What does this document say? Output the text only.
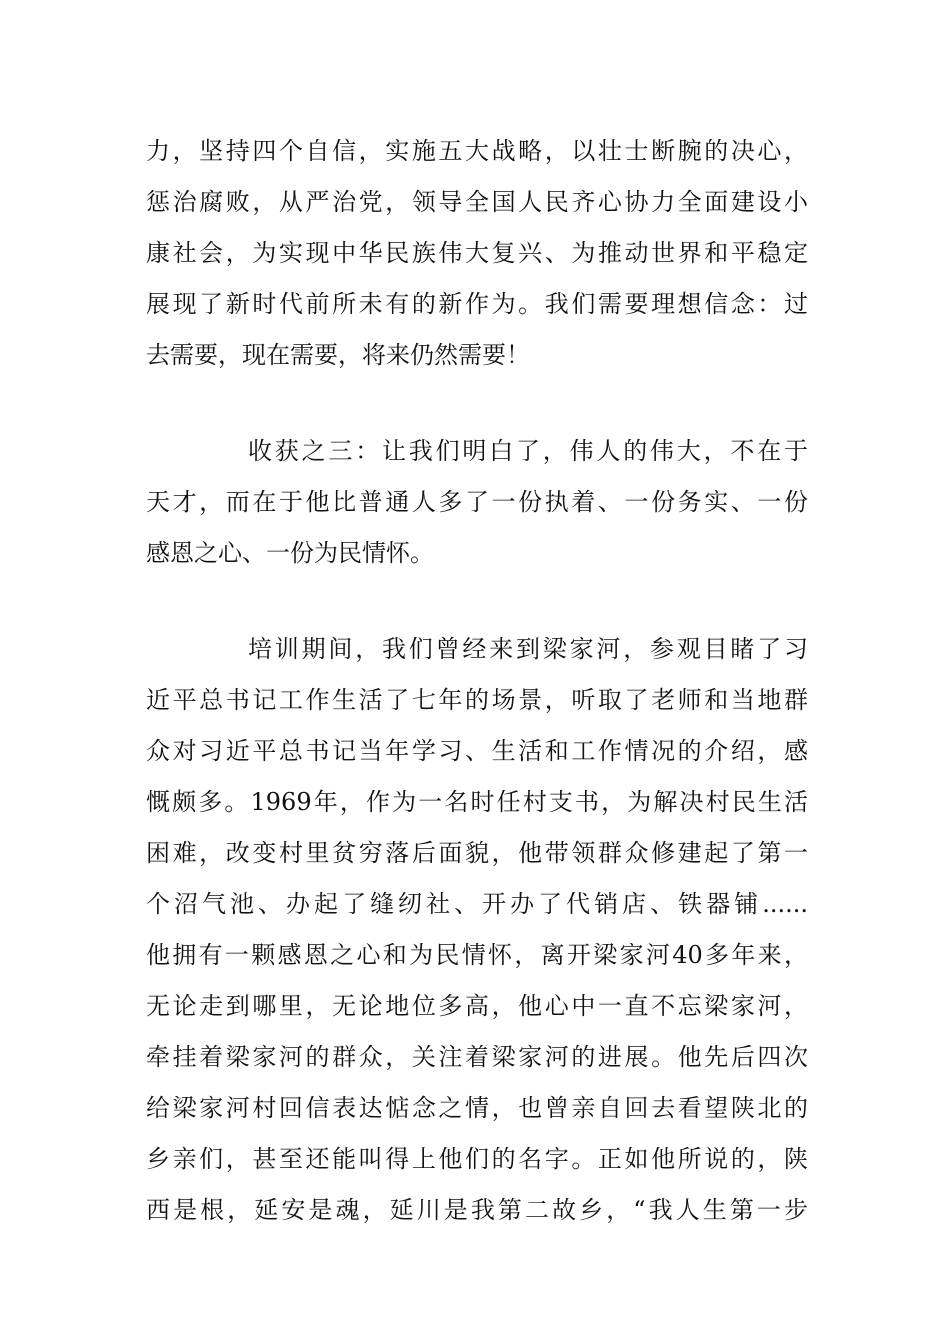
力，坚持四个自信，实施五大战略，以壮士断腕的决心，
惩治腐败，从严治党，领导全国人民齐心协力全面建设小
康社会，为实现中华民族伟大复兴、为推动世界和平稳定
展现了新时代前所未有的新作为。我们需要理想信念：过
去需要，现在需要，将来仍然需要！
收获之三：让我们明白了，伟人的伟大，不在于
天才，而在于他比普通人多了一份执着、一份务实、一份
感恩之心、一份为民情怀。
培训期间，我们曾经来到梁家河，参观目睹了习
近平总书记工作生活了七年的场景，听取了老师和当地群
众对习近平总书记当年学习、生活和工作情况的介绍，感
慨颇多。1969年，作为一名时任村支书，为解决村民生活
困难，改变村里贫穷落后面貌，他带领群众修建起了第一
个沼气池、办起了缝纫社、开办了代销店、铁器铺......
他拥有一颗感恩之心和为民情怀，离开梁家河40多年来，
无论走到哪里，无论地位多高，他心中一直不忘梁家河，
牵挂着梁家河的群众，关注着梁家河的进展。他先后四次
给梁家河村回信表达惦念之情，也曾亲自回去看望陕北的
乡亲们，甚至还能叫得上他们的名字。正如他所说的，陕
西是根，延安是魂，延川是我第二故乡，“我人生第一步
